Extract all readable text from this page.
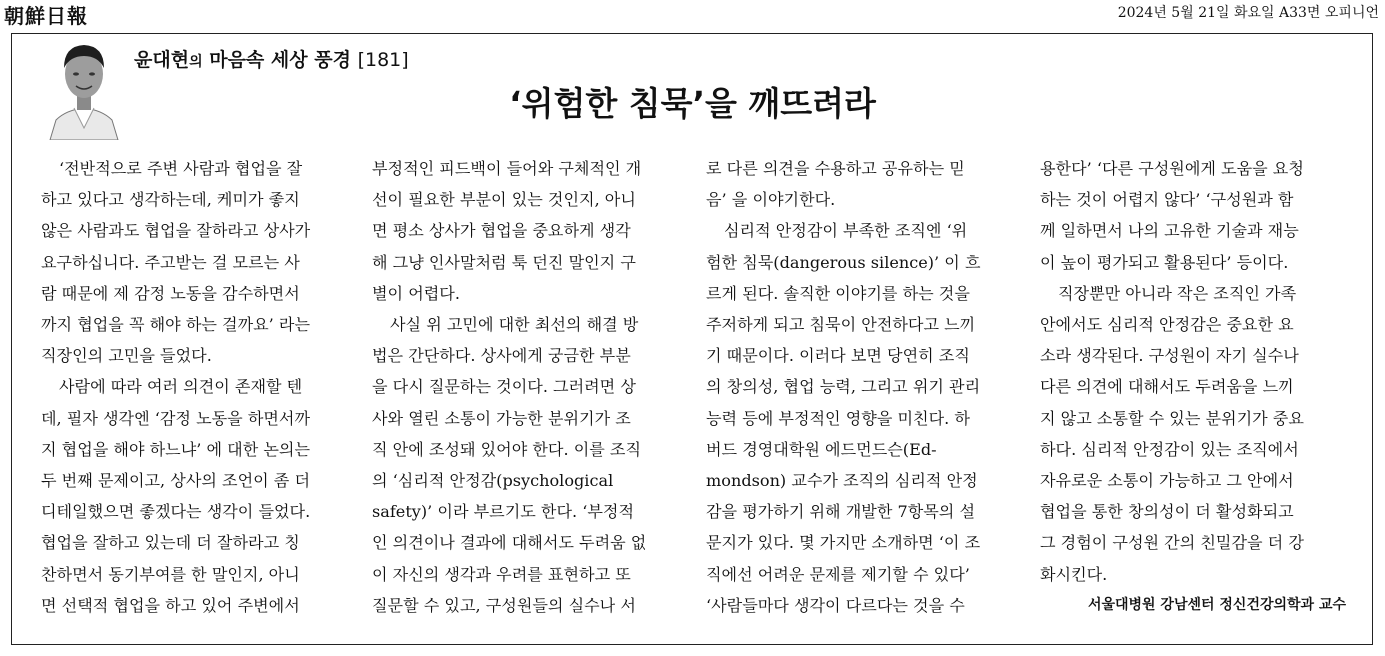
朝鮮日報	2024년 5월 21일 화요일 A33면 오피니언
윤대현의 마음속 세상 풍경 [181]
‘위험한 침묵’을 깨뜨려라
‘전반적으로 주변 사람과 협업을 잘
하고 있다고 생각하는데, 케미가 좋지
않은 사람과도 협업을 잘하라고 상사가
요구하십니다. 주고받는 걸 모르는 사
람 때문에 제 감정 노동을 감수하면서
까지 협업을 꼭 해야 하는 걸까요’ 라는
직장인의 고민을 들었다.
사람에 따라 여러 의견이 존재할 텐
데, 필자 생각엔 ‘감정 노동을 하면서까
지 협업을 해야 하느냐’ 에 대한 논의는
두 번째 문제이고, 상사의 조언이 좀 더
디테일했으면 좋겠다는 생각이 들었다.
협업을 잘하고 있는데 더 잘하라고 칭
찬하면서 동기부여를 한 말인지, 아니
면 선택적 협업을 하고 있어 주변에서
부정적인 피드백이 들어와 구체적인 개
선이 필요한 부분이 있는 것인지, 아니
면 평소 상사가 협업을 중요하게 생각
해 그냥 인사말처럼 툭 던진 말인지 구
별이 어렵다.
사실 위 고민에 대한 최선의 해결 방
법은 간단하다. 상사에게 궁금한 부분
을 다시 질문하는 것이다. 그러려면 상
사와 열린 소통이 가능한 분위기가 조
직 안에 조성돼 있어야 한다. 이를 조직
의 ‘심리적 안정감(psychological
safety)’ 이라 부르기도 한다. ‘부정적
인 의견이나 결과에 대해서도 두려움 없
이 자신의 생각과 우려를 표현하고 또
질문할 수 있고, 구성원들의 실수나 서
로 다른 의견을 수용하고 공유하는 믿
음’ 을 이야기한다.
심리적 안정감이 부족한 조직엔 ‘위
험한 침묵(dangerous silence)’ 이 흐
르게 된다. 솔직한 이야기를 하는 것을
주저하게 되고 침묵이 안전하다고 느끼
기 때문이다. 이러다 보면 당연히 조직
의 창의성, 협업 능력, 그리고 위기 관리
능력 등에 부정적인 영향을 미친다. 하
버드 경영대학원 에드먼드슨(Ed-
mondson) 교수가 조직의 심리적 안정
감을 평가하기 위해 개발한 7항목의 설
문지가 있다. 몇 가지만 소개하면 ‘이 조
직에선 어려운 문제를 제기할 수 있다’
‘사람들마다 생각이 다르다는 것을 수
용한다’ ‘다른 구성원에게 도움을 요청
하는 것이 어렵지 않다’ ‘구성원과 함
께 일하면서 나의 고유한 기술과 재능
이 높이 평가되고 활용된다’ 등이다.
직장뿐만 아니라 작은 조직인 가족
안에서도 심리적 안정감은 중요한 요
소라 생각된다. 구성원이 자기 실수나
다른 의견에 대해서도 두려움을 느끼
지 않고 소통할 수 있는 분위기가 중요
하다. 심리적 안정감이 있는 조직에서
자유로운 소통이 가능하고 그 안에서
협업을 통한 창의성이 더 활성화되고
그 경험이 구성원 간의 친밀감을 더 강
화시킨다.
서울대병원 강남센터 정신건강의학과 교수
